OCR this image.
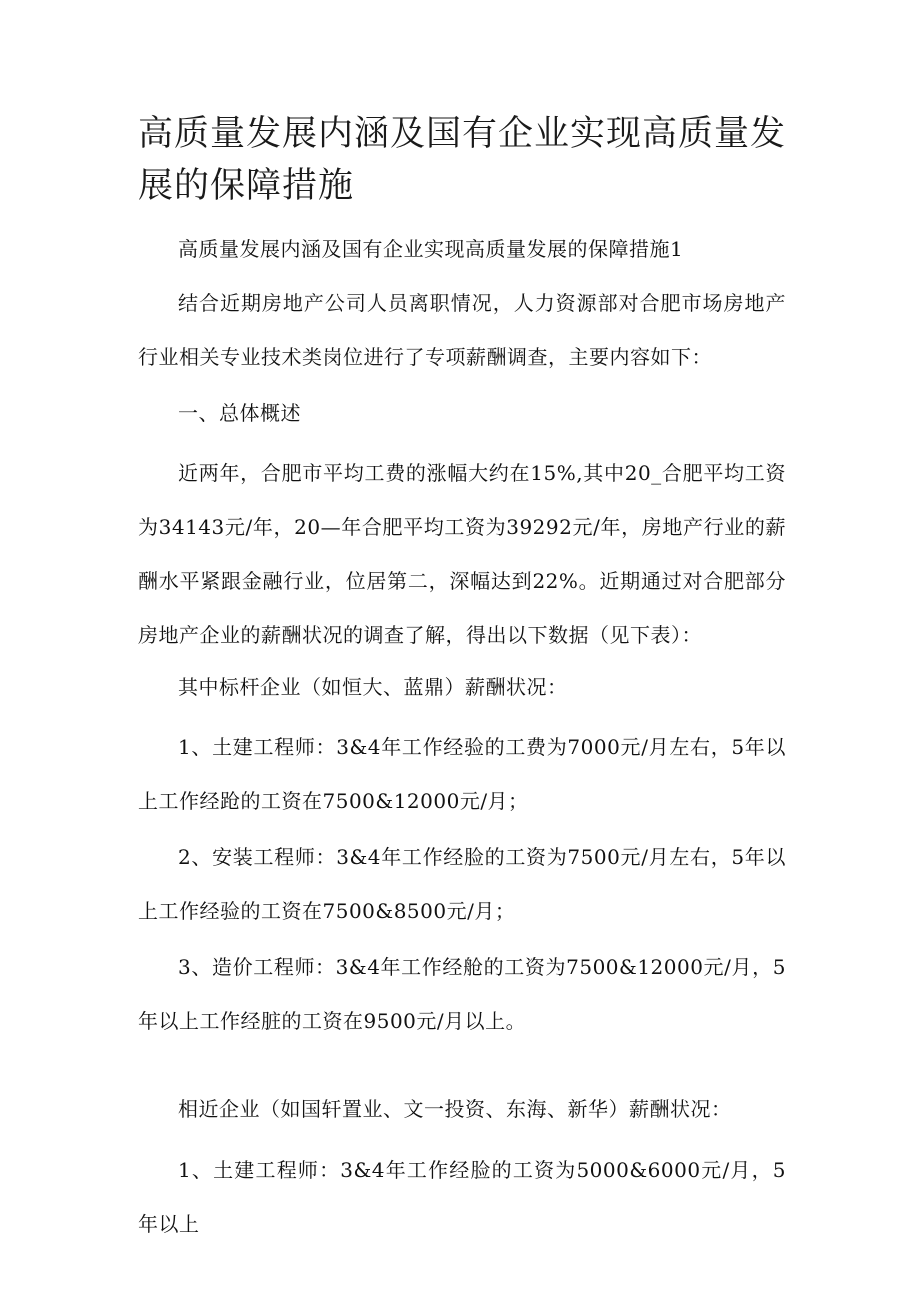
高质量发展内涵及国有企业实现高质量发展的保障措施

高质量发展内涵及国有企业实现高质量发展的保障措施1

结合近期房地产公司人员离职情况，人力资源部对合肥市场房地产行业相关专业技术类岗位进行了专项薪酬调查，主要内容如下：

一、总体概述

近两年，合肥市平均工费的涨幅大约在15%,其中20_合肥平均工资为34143元/年，20—年合肥平均工资为39292元/年，房地产行业的薪酬水平紧跟金融行业，位居第二，深幅达到22%。近期通过对合肥部分房地产企业的薪酬状况的调查了解，得出以下数据（见下表）：

其中标杆企业（如恒大、蓝鼎）薪酬状况：

1、土建工程师：3&4年工作经验的工费为7000元/月左右，5年以上工作经跄的工资在7500&12000元/月；

2、安装工程师：3&4年工作经脸的工资为7500元/月左右，5年以上工作经验的工资在7500&8500元/月；

3、造价工程师：3&4年工作经舱的工资为7500&12000元/月，5年以上工作经脏的工资在9500元/月以上。

相近企业（如国轩置业、文一投资、东海、新华）薪酬状况：

1、土建工程师：3&4年工作经脸的工资为5000&6000元/月，5年以上
